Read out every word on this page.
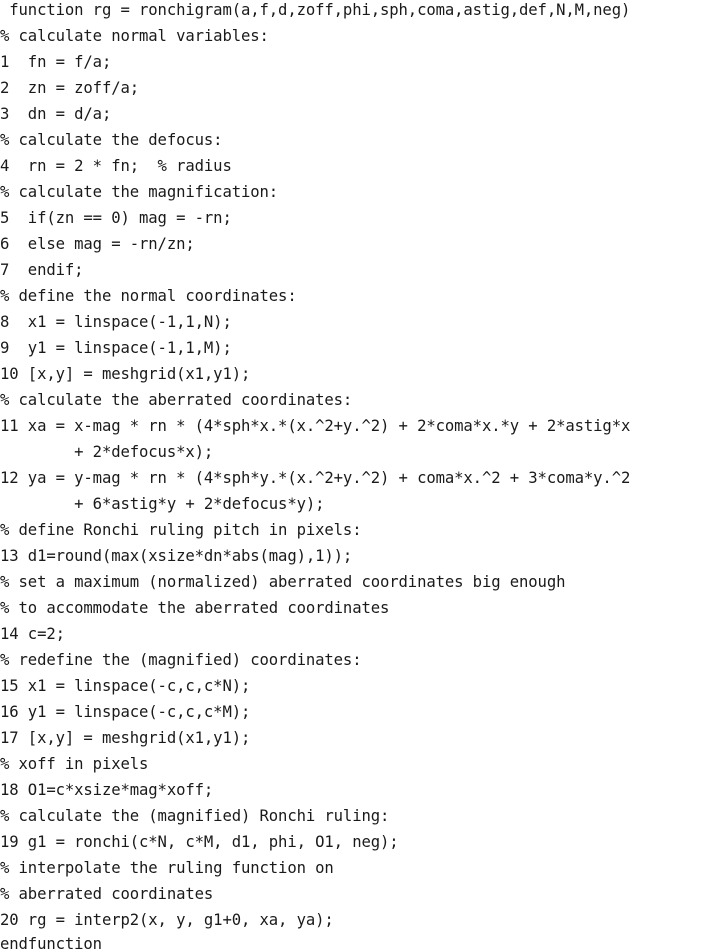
function rg = ronchigram(a,f,d,zoff,phi,sph,coma,astig,def,N,M,neg)
% calculate normal variables:
1  fn = f/a;
2  zn = zoff/a;
3  dn = d/a;
% calculate the defocus:
4  rn = 2 * fn;  % radius
% calculate the magnification:
5  if(zn == 0) mag = -rn;
6  else mag = -rn/zn;
7  endif;
% define the normal coordinates:
8  x1 = linspace(-1,1,N);
9  y1 = linspace(-1,1,M);
10 [x,y] = meshgrid(x1,y1);
% calculate the aberrated coordinates:
11 xa = x-mag * rn * (4*sph*x.*(x.^2+y.^2) + 2*coma*x.*y + 2*astig*x
+ 2*defocus*x);
12 ya = y-mag * rn * (4*sph*y.*(x.^2+y.^2) + coma*x.^2 + 3*coma*y.^2
+ 6*astig*y + 2*defocus*y);
% define Ronchi ruling pitch in pixels:
13 d1=round(max(xsize*dn*abs(mag),1));
% set a maximum (normalized) aberrated coordinates big enough
% to accommodate the aberrated coordinates
14 c=2;
% redefine the (magnified) coordinates:
15 x1 = linspace(-c,c,c*N);
16 y1 = linspace(-c,c,c*M);
17 [x,y] = meshgrid(x1,y1);
% xoff in pixels
18 O1=c*xsize*mag*xoff;
% calculate the (magnified) Ronchi ruling:
19 g1 = ronchi(c*N, c*M, d1, phi, O1, neg);
% interpolate the ruling function on
% aberrated coordinates
20 rg = interp2(x, y, g1+0, xa, ya);
endfunction
